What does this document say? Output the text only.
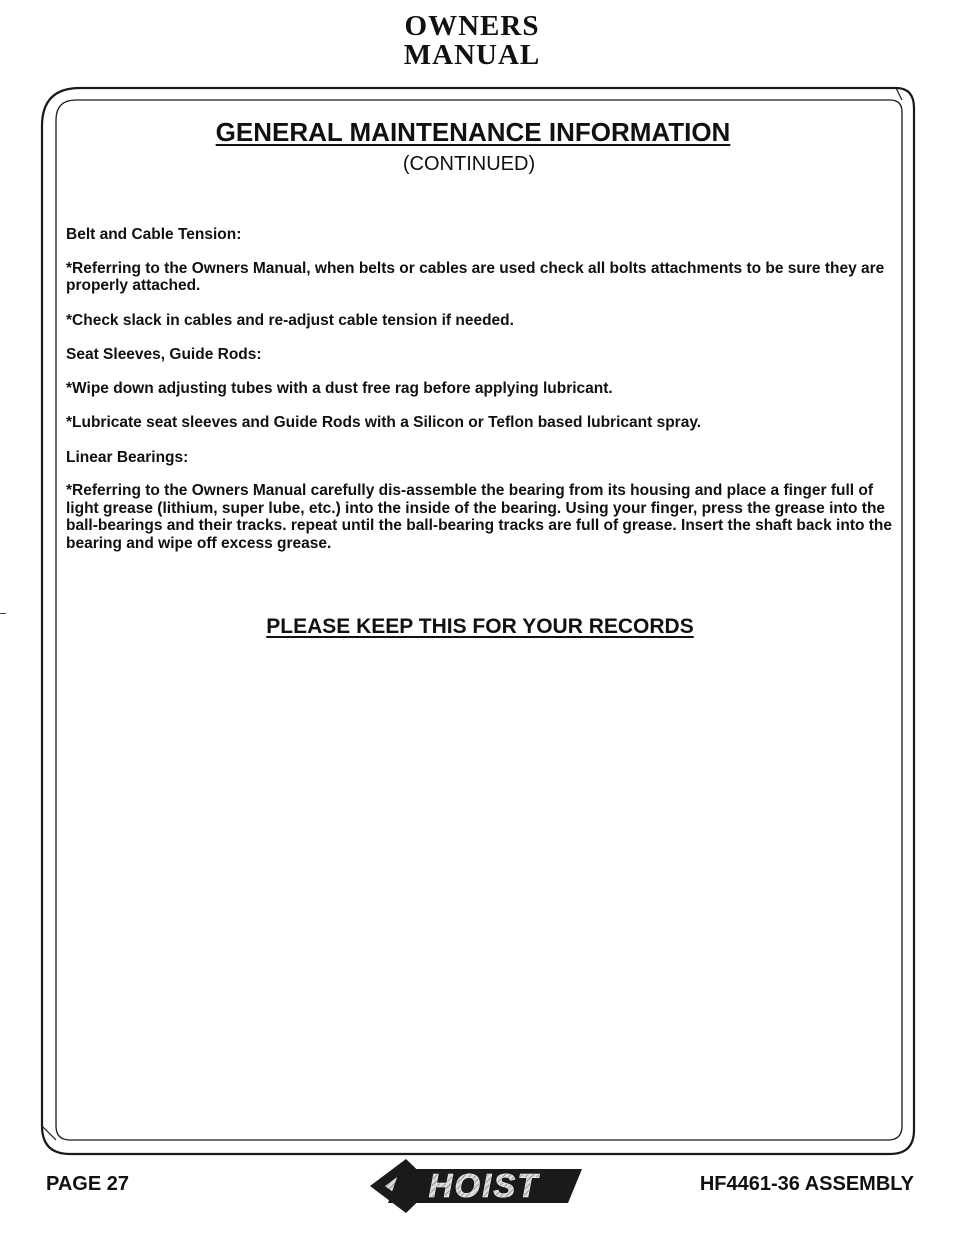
OWNERS
MANUAL
GENERAL MAINTENANCE INFORMATION
(CONTINUED)

Belt and Cable Tension:

*Referring to the Owners Manual, when belts or cables are used check all bolts attachments to be sure they are properly attached.

*Check slack in cables and re-adjust cable tension if needed.

Seat Sleeves, Guide Rods:

*Wipe down adjusting tubes with a dust free rag before applying lubricant.

*Lubricate seat sleeves and Guide Rods with a Silicon or Teflon based lubricant spray.

Linear Bearings:

*Referring to the Owners Manual carefully dis-assemble the bearing from its housing and place a finger full of light grease (lithium, super lube, etc.) into the inside of the bearing. Using your finger, press the grease into the ball-bearings and their tracks. repeat until the ball-bearing tracks are full of grease. Insert the shaft back into the bearing and wipe off excess grease.

PLEASE KEEP THIS FOR YOUR RECORDS
PAGE 27	HOIST	HF4461-36 ASSEMBLY
